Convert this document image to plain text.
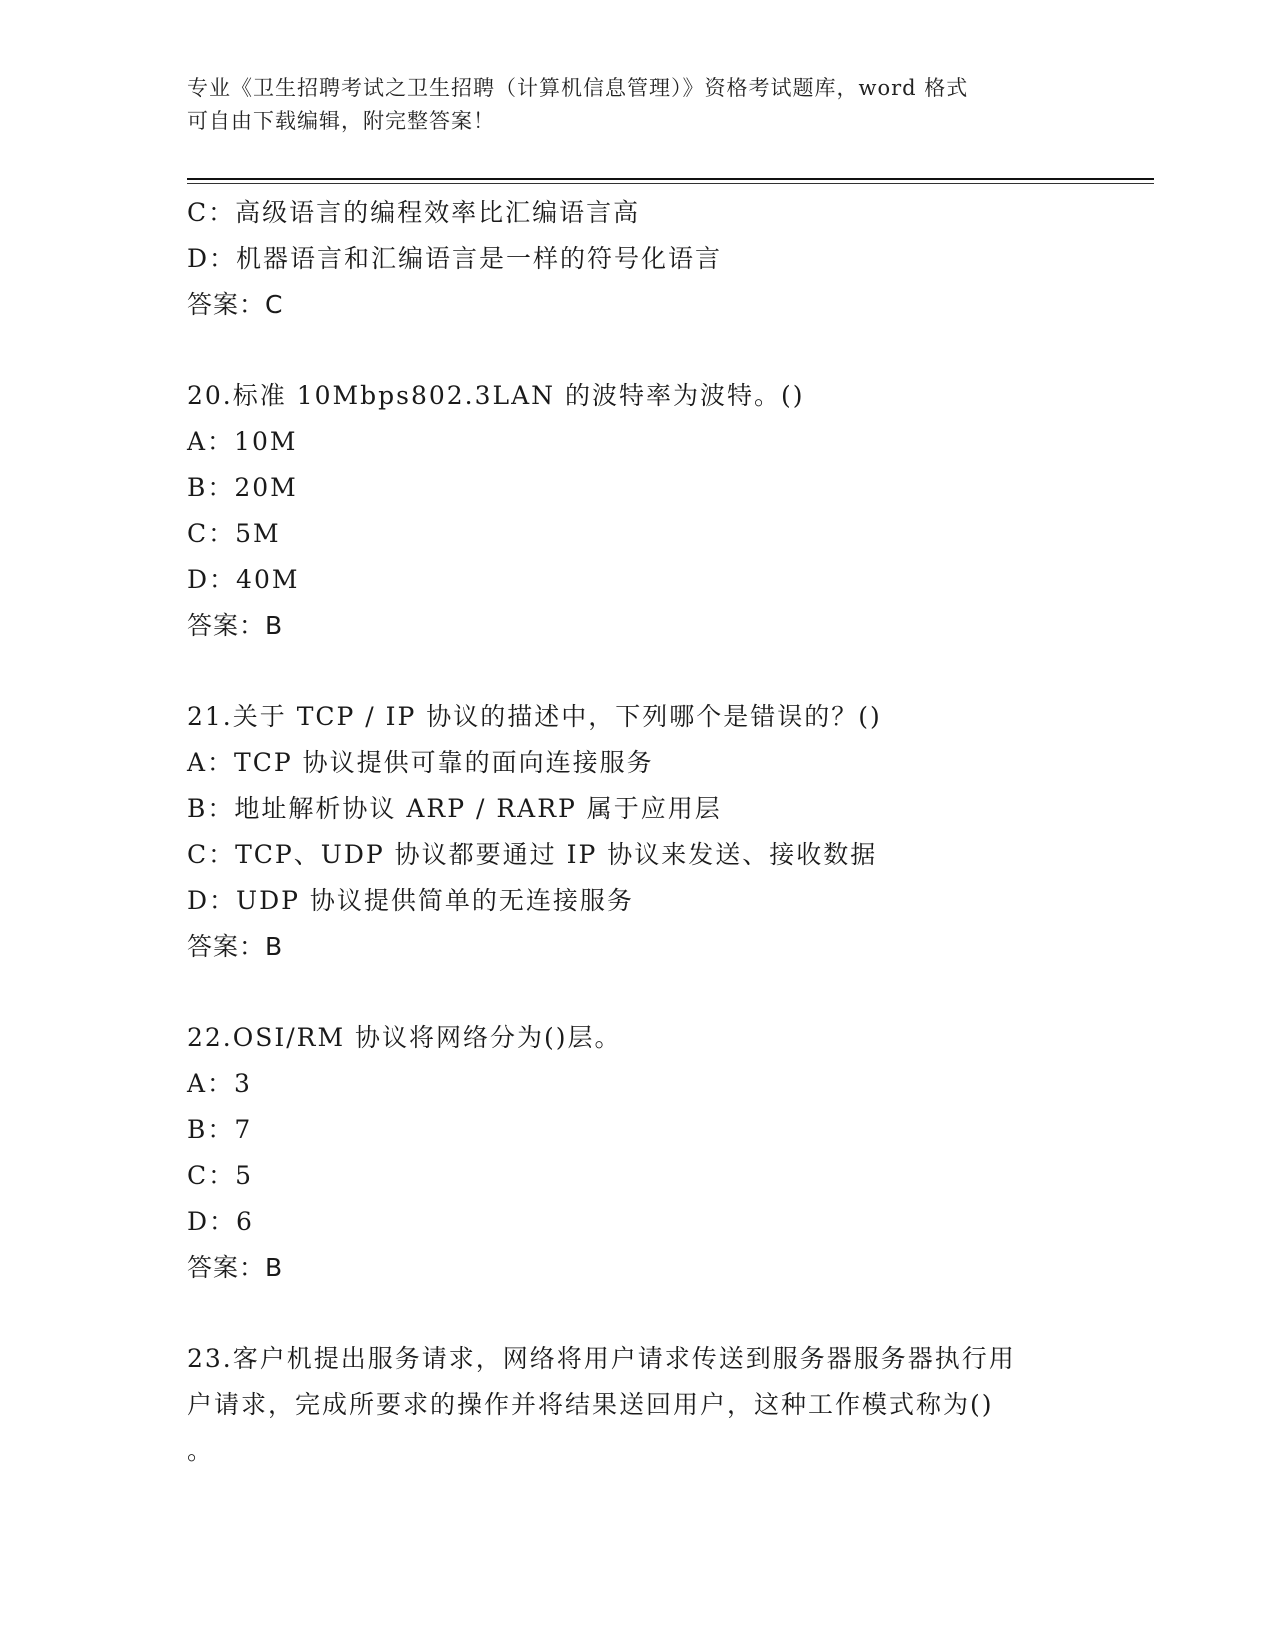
专业《卫生招聘考试之卫生招聘（计算机信息管理）》资格考试题库，word 格式
可自由下载编辑，附完整答案！
C：高级语言的编程效率比汇编语言高
D：机器语言和汇编语言是一样的符号化语言
答案：C
20.标准 10Mbps802.3LAN 的波特率为波特。()
A：10M
B：20M
C：5M
D：40M
答案：B
21.关于 TCP / IP 协议的描述中，下列哪个是错误的？()
A：TCP 协议提供可靠的面向连接服务
B：地址解析协议 ARP / RARP 属于应用层
C：TCP、UDP 协议都要通过 IP 协议来发送、接收数据
D：UDP 协议提供简单的无连接服务
答案：B
22.OSI/RM 协议将网络分为()层。
A：3
B：7
C：5
D：6
答案：B
23.客户机提出服务请求，网络将用户请求传送到服务器服务器执行用
户请求，完成所要求的操作并将结果送回用户，这种工作模式称为()
。
